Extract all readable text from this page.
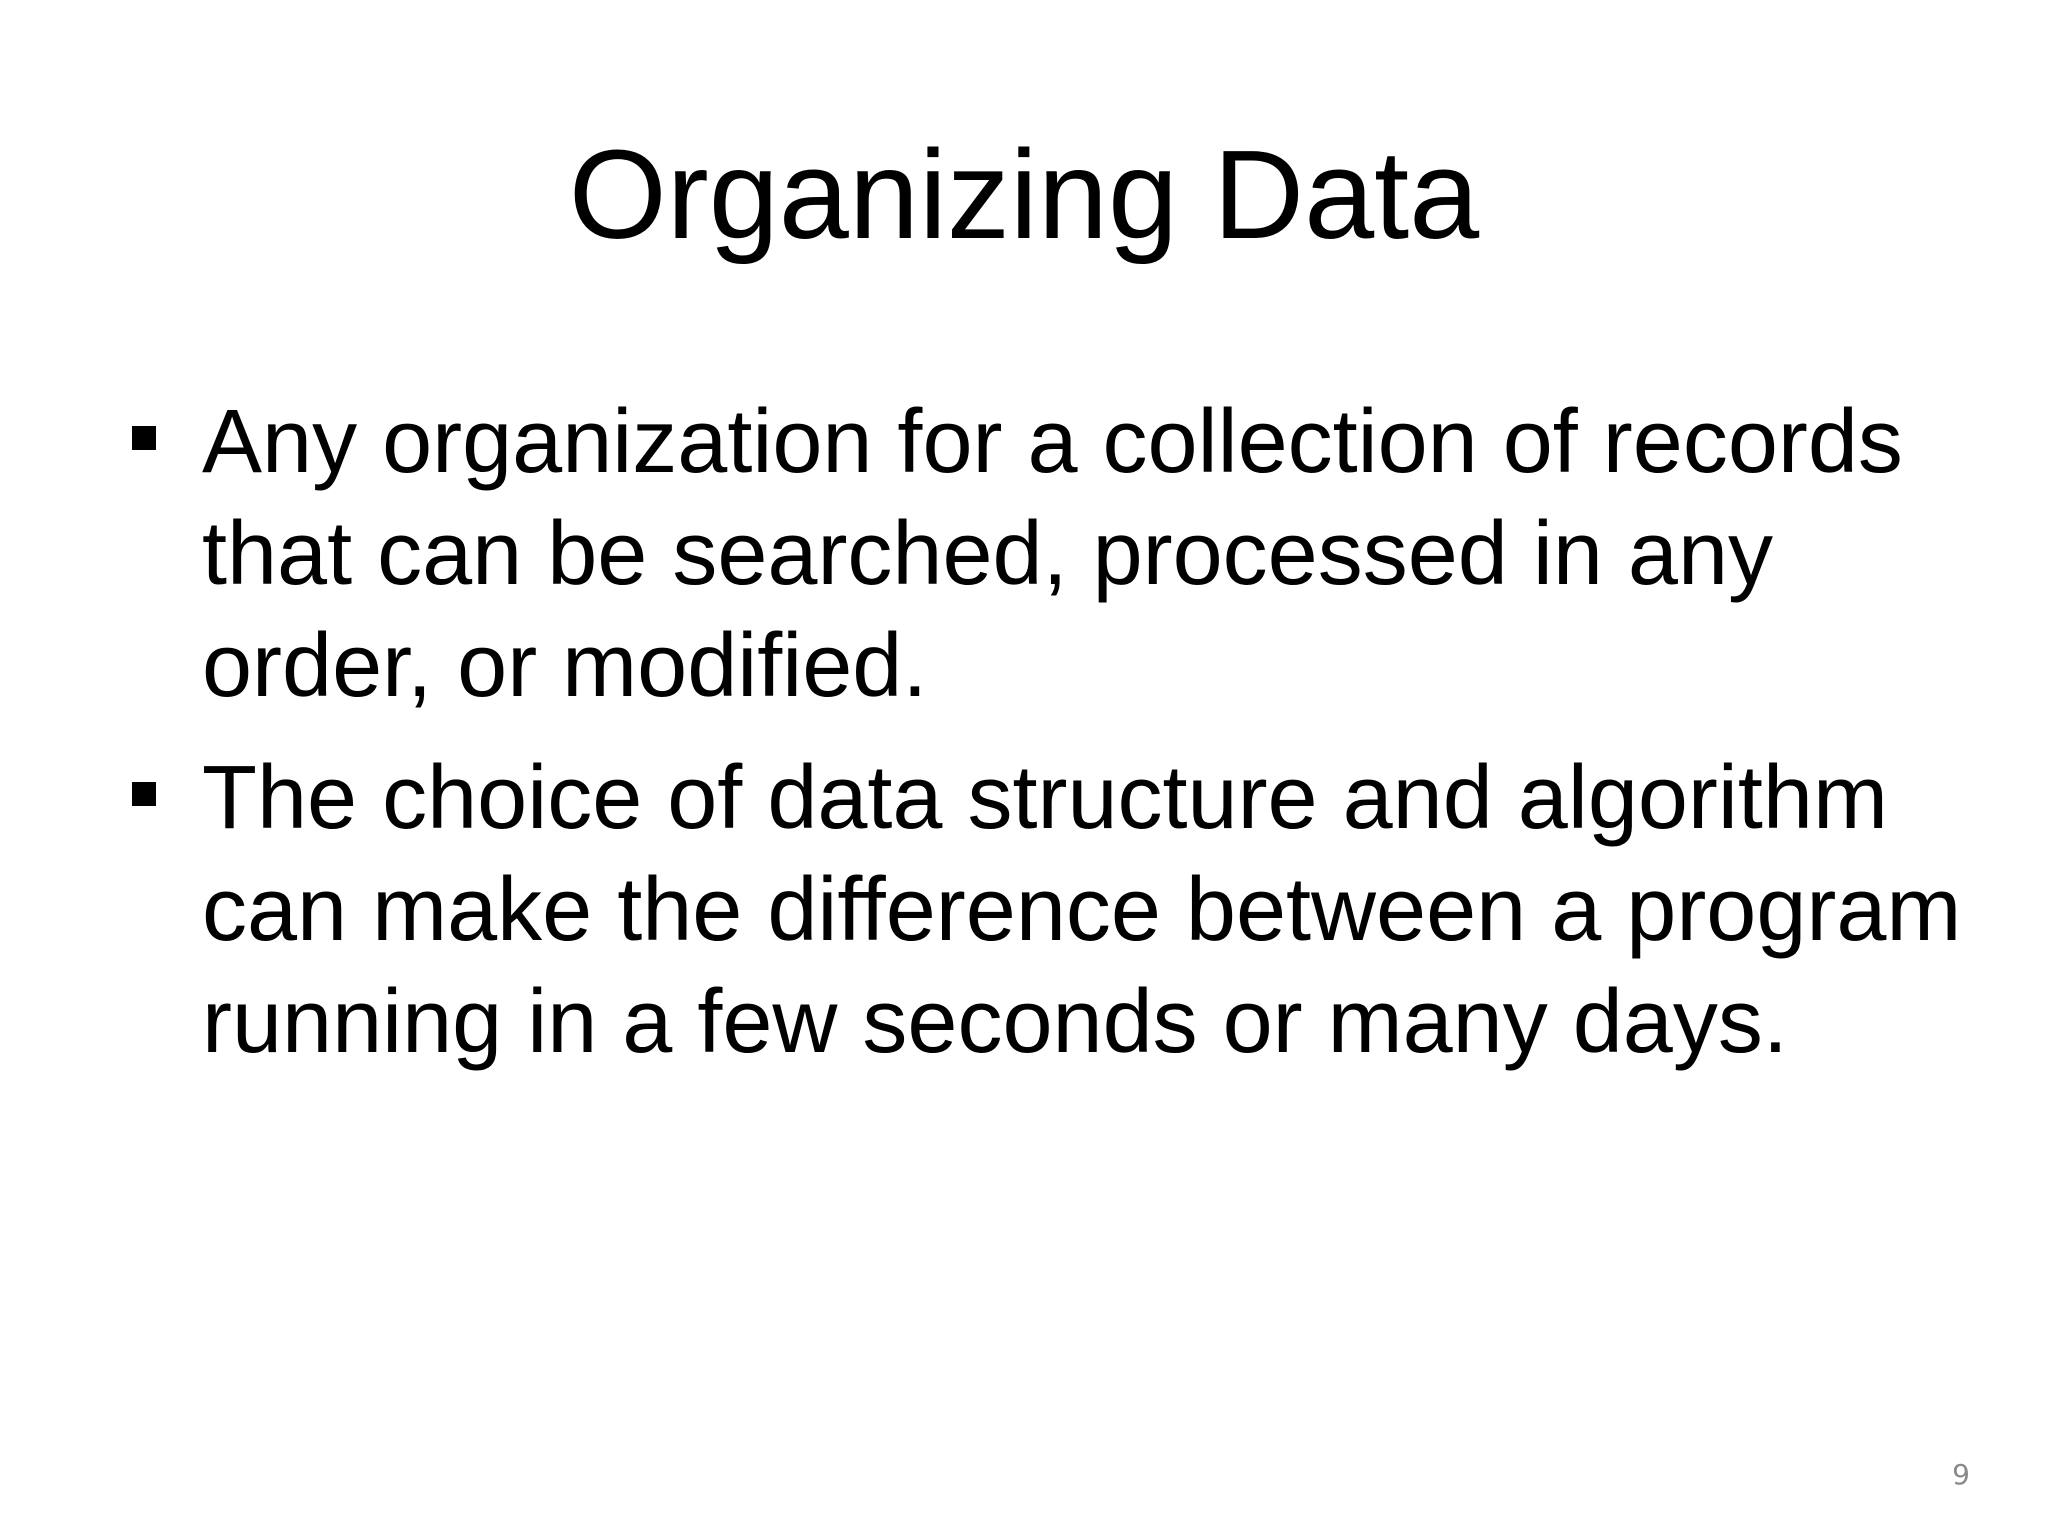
Organizing Data
Any organization for a collection of records that can be searched, processed in any order, or modified.
The choice of data structure and algorithm can make the difference between a program running in a few seconds or many days.
9
